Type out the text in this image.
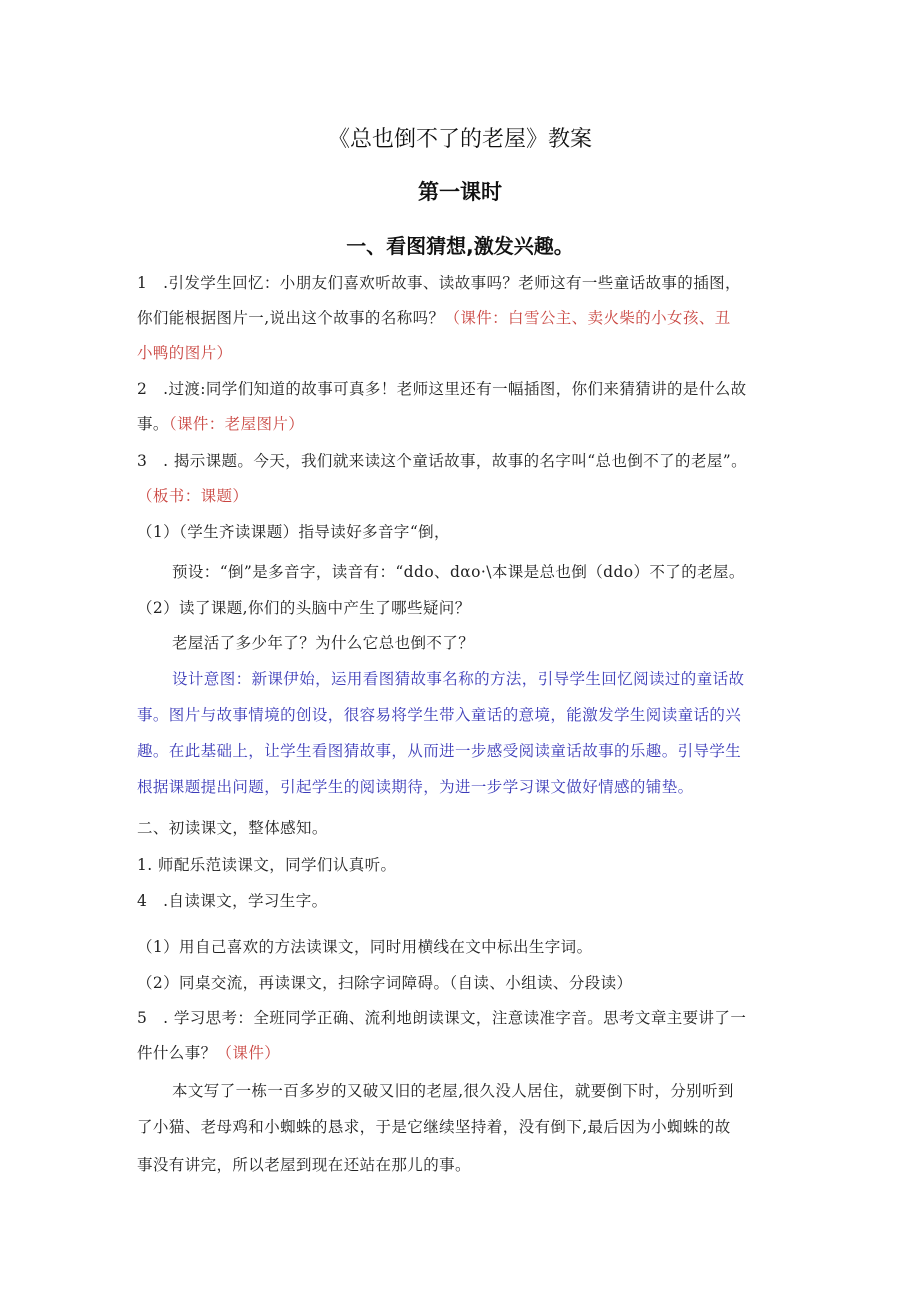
《总也倒不了的老屋》教案
第一课时
一、看图猜想,激发兴趣。
1　.引发学生回忆：小朋友们喜欢听故事、读故事吗？老师这有一些童话故事的插图，
你们能根据图片一,说出这个故事的名称吗？（课件：白雪公主、卖火柴的小女孩、丑
小鸭的图片）
2　.过渡:同学们知道的故事可真多！老师这里还有一幅插图，你们来猜猜讲的是什么故
事。（课件：老屋图片）
3　. 揭示课题。今天，我们就来读这个童话故事，故事的名字叫“总也倒不了的老屋”。
（板书：课题）
（1）（学生齐读课题）指导读好多音字“倒，
预设：“倒”是多音字，读音有：“ddo、dαo·\本课是总也倒（ddo）不了的老屋。
（2）读了课题,你们的头脑中产生了哪些疑问？
老屋活了多少年了？为什么它总也倒不了？
设计意图：新课伊始，运用看图猜故事名称的方法，引导学生回忆阅读过的童话故
事。图片与故事情境的创设，很容易将学生带入童话的意境，能激发学生阅读童话的兴
趣。在此基础上，让学生看图猜故事，从而进一步感受阅读童话故事的乐趣。引导学生
根据课题提出问题，引起学生的阅读期待，为进一步学习课文做好情感的铺垫。
二、初读课文，整体感知。
1. 师配乐范读课文，同学们认真听。
4　.自读课文，学习生字。
（1）用自己喜欢的方法读课文，同时用横线在文中标出生字词。
（2）同桌交流，再读课文，扫除字词障碍。（自读、小组读、分段读）
5　. 学习思考：全班同学正确、流利地朗读课文，注意读准字音。思考文章主要讲了一
件什么事？（课件）
本文写了一栋一百多岁的又破又旧的老屋,很久没人居住，就要倒下时，分别听到
了小猫、老母鸡和小蜘蛛的恳求，于是它继续坚持着，没有倒下,最后因为小蜘蛛的故
事没有讲完，所以老屋到现在还站在那儿的事。
